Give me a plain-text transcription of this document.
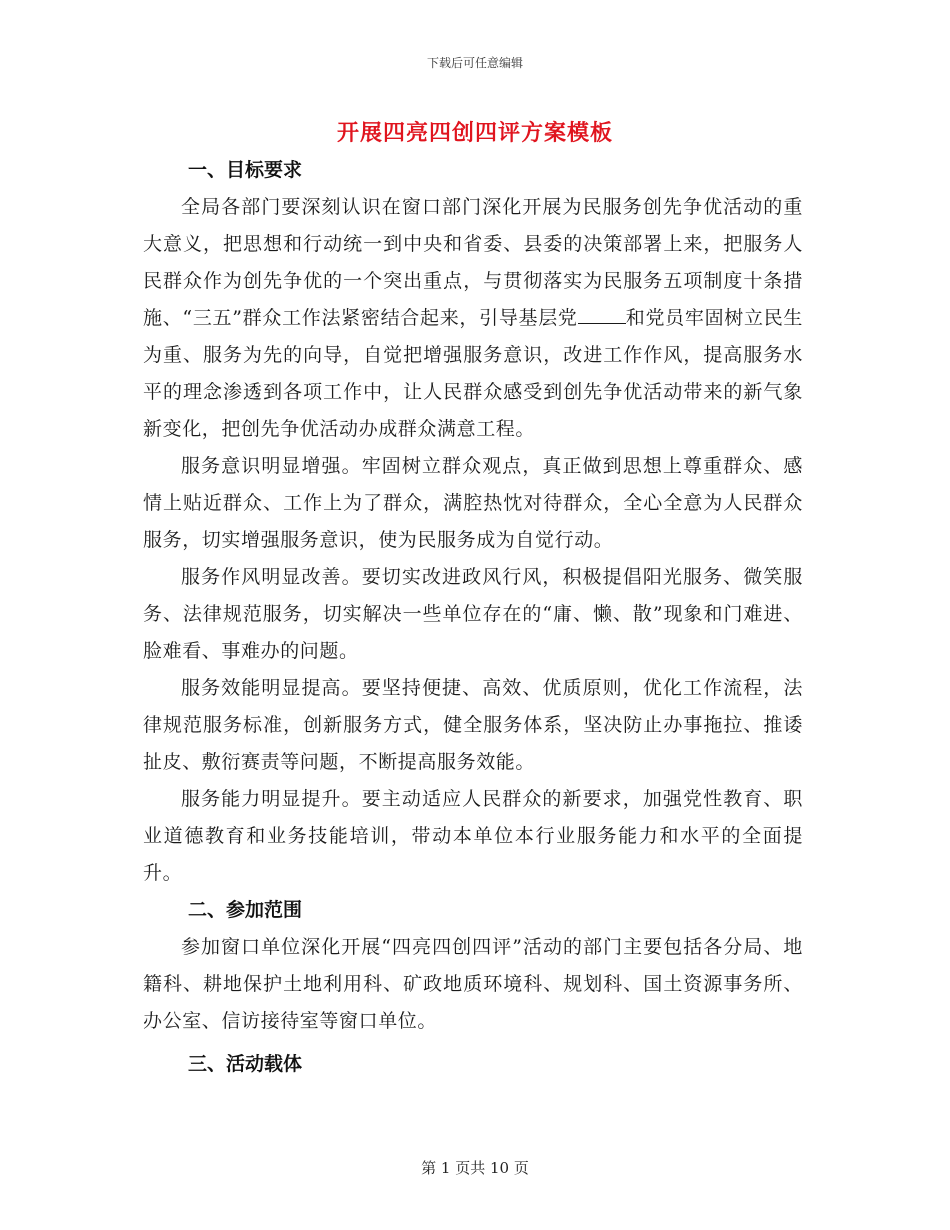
下载后可任意编辑
开展四亮四创四评方案模板

一、目标要求

全局各部门要深刻认识在窗口部门深化开展为民服务创先争优活动的重大意义，把思想和行动统一到中央和省委、县委的决策部署上来，把服务人民群众作为创先争优的一个突出重点，与贯彻落实为民服务五项制度十条措施、“三五”群众工作法紧密结合起来，引导基层党	和党员牢固树立民生为重、服务为先的向导，自觉把增强服务意识，改进工作作风，提高服务水平的理念渗透到各项工作中，让人民群众感受到创先争优活动带来的新气象新变化，把创先争优活动办成群众满意工程。

服务意识明显增强。牢固树立群众观点，真正做到思想上尊重群众、感情上贴近群众、工作上为了群众，满腔热忱对待群众，全心全意为人民群众服务，切实增强服务意识，使为民服务成为自觉行动。

服务作风明显改善。要切实改进政风行风，积极提倡阳光服务、微笑服务、法律规范服务，切实解决一些单位存在的“庸、懒、散”现象和门难进、脸难看、事难办的问题。

服务效能明显提高。要坚持便捷、高效、优质原则，优化工作流程，法律规范服务标准，创新服务方式，健全服务体系，坚决防止办事拖拉、推诿扯皮、敷衍赛责等问题，不断提高服务效能。

服务能力明显提升。要主动适应人民群众的新要求，加强党性教育、职业道德教育和业务技能培训，带动本单位本行业服务能力和水平的全面提升。

二、参加范围

参加窗口单位深化开展“四亮四创四评”活动的部门主要包括各分局、地籍科、耕地保护土地利用科、矿政地质环境科、规划科、国土资源事务所、办公室、信访接待室等窗口单位。

三、活动载体

第 1 页共 10 页
